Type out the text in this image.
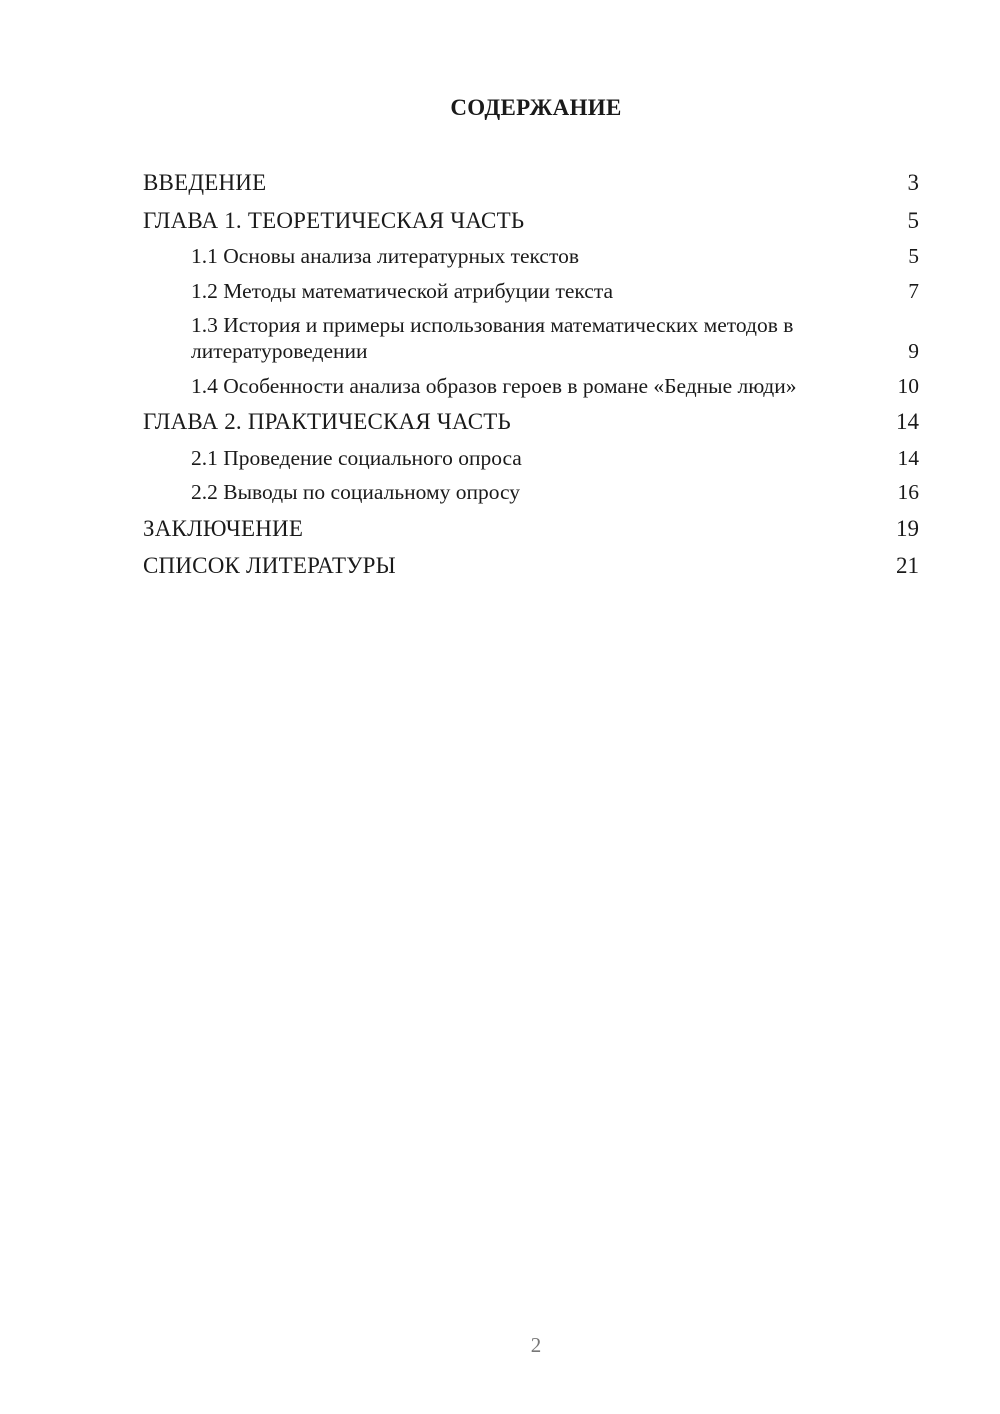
СОДЕРЖАНИЕ
ВВЕДЕНИЕ	3
ГЛАВА 1. ТЕОРЕТИЧЕСКАЯ ЧАСТЬ	5
1.1 Основы анализа литературных текстов	5
1.2 Методы математической атрибуции текста	7
1.3 История и примеры использования математических методов в литературоведении	9
1.4 Особенности анализа образов героев в романе «Бедные люди»	10
ГЛАВА 2. ПРАКТИЧЕСКАЯ ЧАСТЬ	14
2.1 Проведение социального опроса	14
2.2 Выводы по социальному опросу	16
ЗАКЛЮЧЕНИЕ	19
СПИСОК ЛИТЕРАТУРЫ	21
2
